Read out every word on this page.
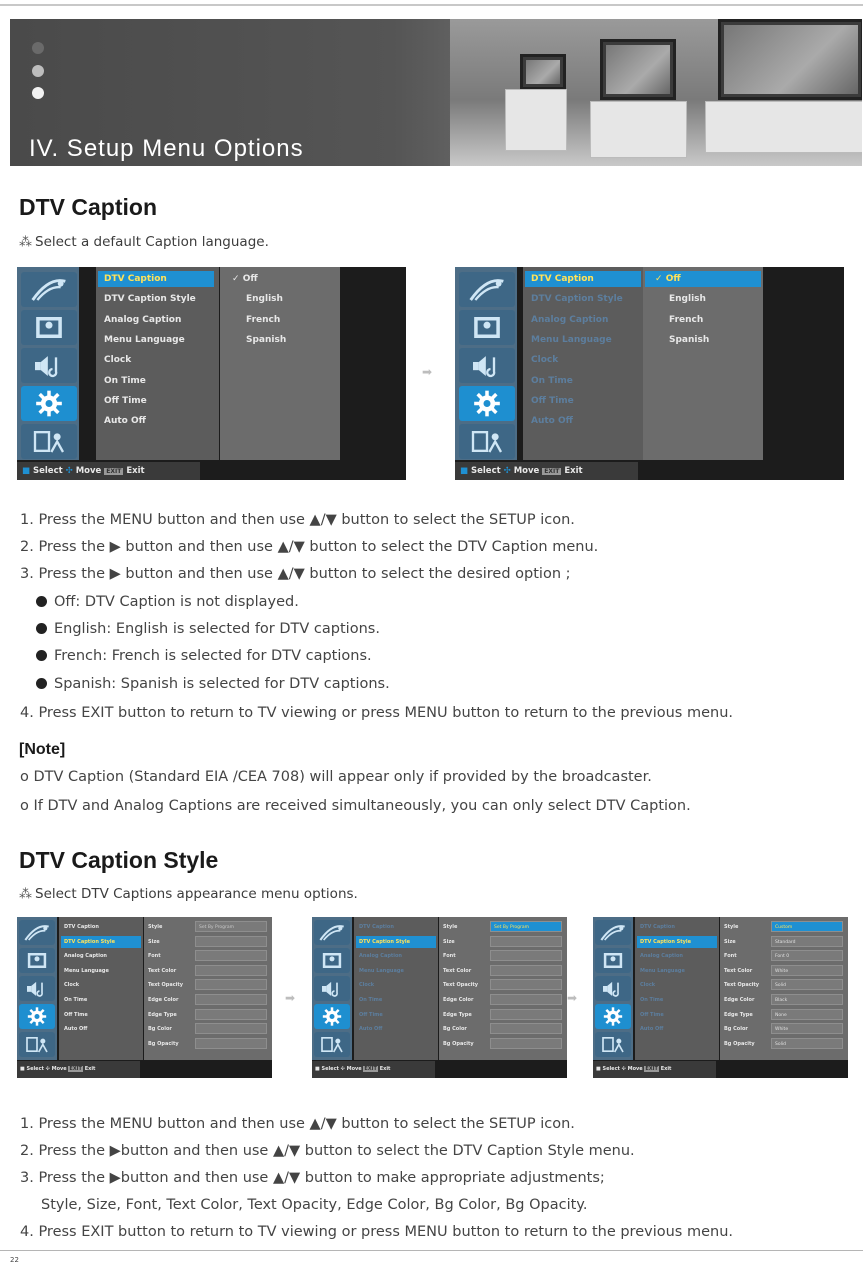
IV. Setup Menu Options
DTV Caption
⁂ Select a default Caption language.
DTV Caption
DTV Caption Style
Analog Caption
Menu Language
Clock
On Time
Off Time
Auto Off
✓ Off
English
French
Spanish
■ Select ✣ Move EXIT Exit
➡
DTV Caption
DTV Caption Style
Analog Caption
Menu Language
Clock
On Time
Off Time
Auto Off
✓ Off
English
French
Spanish
■ Select ✣ Move EXIT Exit
1. Press the MENU button and then use ▲/▼ button to select the SETUP icon.
2. Press the ▶ button and then use ▲/▼ button to select the DTV Caption menu.
3. Press the ▶ button and then use ▲/▼ button to select the desired option ;
Off: DTV Caption is not displayed.
English: English is selected for DTV captions.
French: French is selected for DTV captions.
Spanish: Spanish is selected for DTV captions.
4. Press EXIT button to return to TV viewing or press MENU button to return to the previous menu.
[Note]
o DTV Caption (Standard EIA /CEA 708) will appear only if provided by the broadcaster.
o If DTV and Analog Captions are received simultaneously, you can only select DTV Caption.
DTV Caption Style
⁂ Select DTV Captions appearance menu options.
DTV Caption
DTV Caption Style
Analog Caption
Menu Language
Clock
On Time
Off Time
Auto Off
Style	Set By Program
Size
Font
Text Color
Text Opacity
Edge Color
Edge Type
Bg Color
Bg Opacity
■ Select ✣ Move EXIT Exit
➡
DTV Caption
DTV Caption Style
Analog Caption
Menu Language
Clock
On Time
Off Time
Auto Off
Style	Set By Program
Size
Font
Text Color
Text Opacity
Edge Color
Edge Type
Bg Color
Bg Opacity
■ Select ✣ Move EXIT Exit
➡
DTV Caption
DTV Caption Style
Analog Caption
Menu Language
Clock
On Time
Off Time
Auto Off
Style	Custom
Size	Standard
Font	Font 0
Text Color	White
Text Opacity	Solid
Edge Color	Black
Edge Type	None
Bg Color	White
Bg Opacity	Solid
■ Select ✣ Move EXIT Exit
1. Press the MENU button and then use ▲/▼ button to select the SETUP icon.
2. Press the ▶button and then use ▲/▼ button to select the DTV Caption Style menu.
3. Press the ▶button and then use ▲/▼ button to make appropriate adjustments;
Style, Size, Font, Text Color, Text Opacity, Edge Color, Bg Color, Bg Opacity.
4. Press EXIT button to return to TV viewing or press MENU button to return to the previous menu.
22
